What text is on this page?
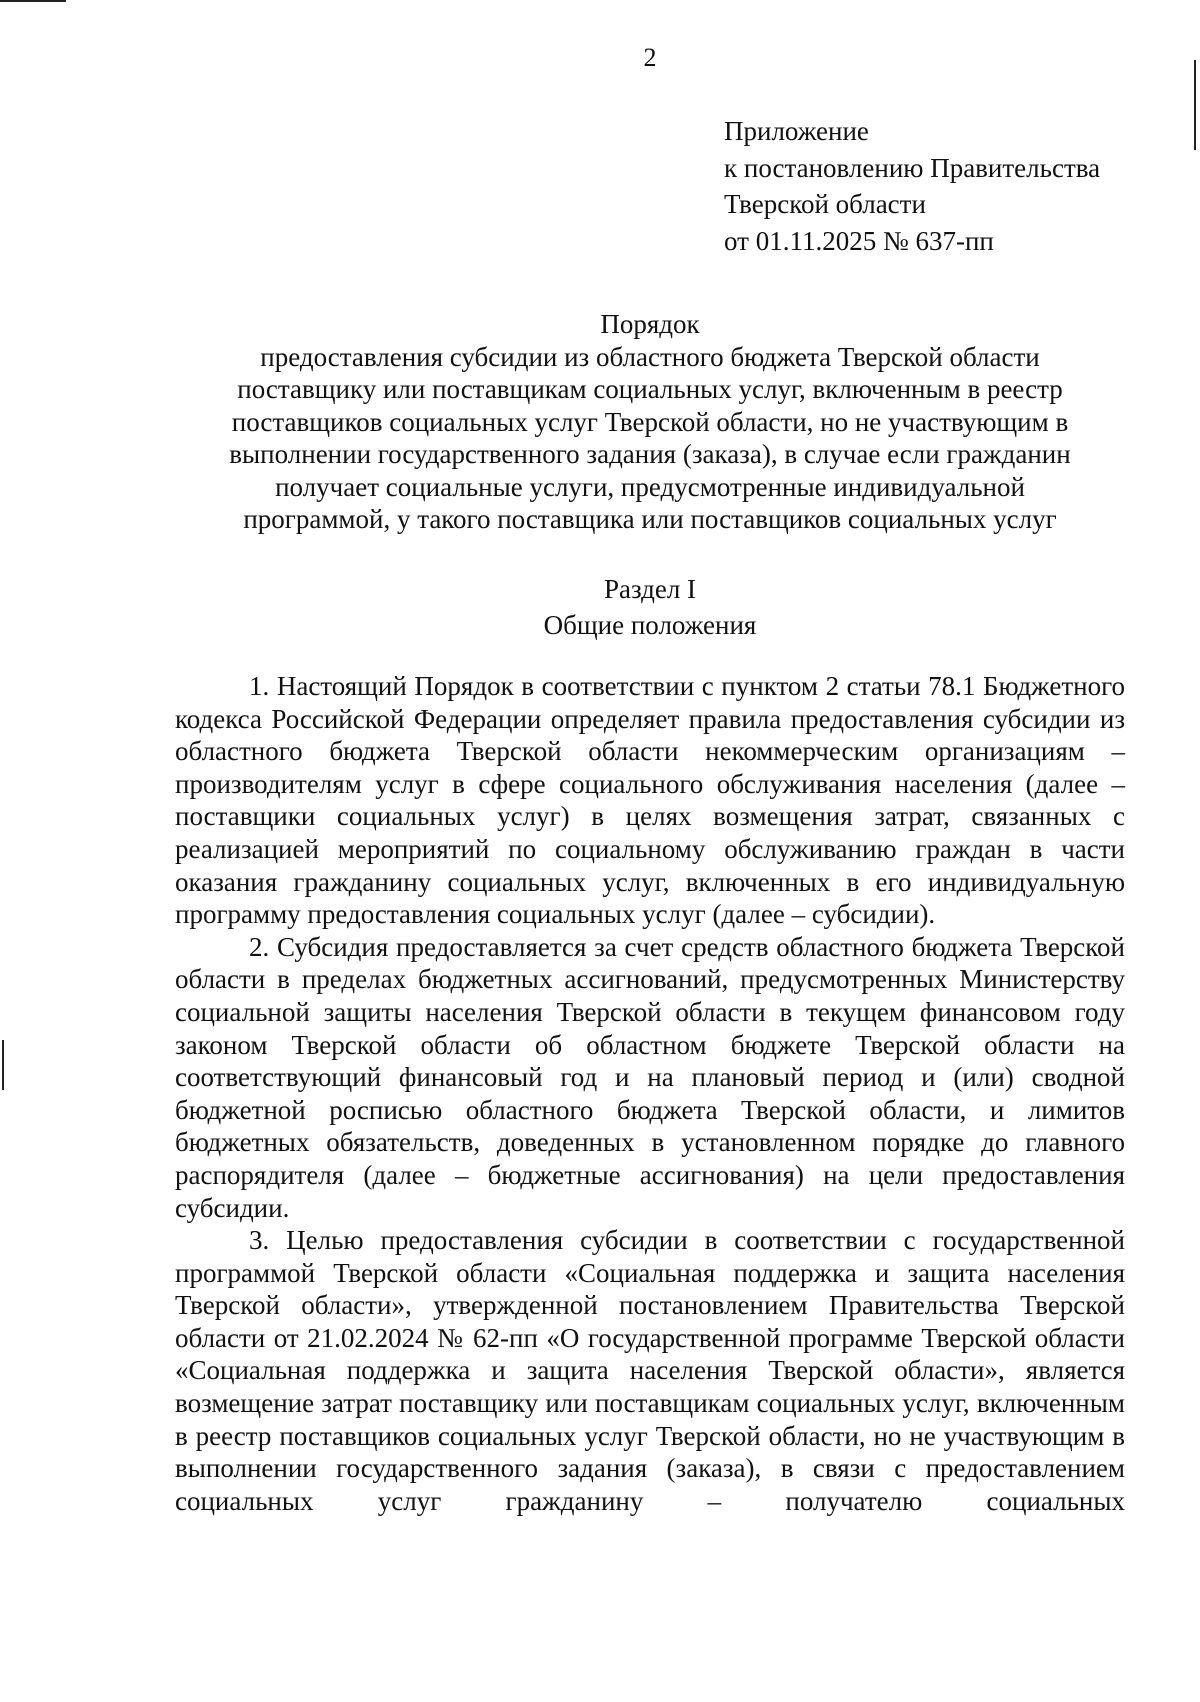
2
Приложение
к постановлению Правительства
Тверской области
от 01.11.2025 № 637-пп
Порядок
предоставления субсидии из областного бюджета Тверской области
поставщику или поставщикам социальных услуг, включенным в реестр
поставщиков социальных услуг Тверской области, но не участвующим в
выполнении государственного задания (заказа), в случае если гражданин
получает социальные услуги, предусмотренные индивидуальной
программой, у такого поставщика или поставщиков социальных услуг
Раздел I
Общие положения

1. Настоящий Порядок в соответствии с пунктом 2 статьи 78.1 Бюджетного кодекса Российской Федерации определяет правила предоставления субсидии из областного бюджета Тверской области некоммерческим организациям – производителям услуг в сфере социального обслуживания населения (далее – поставщики социальных услуг) в целях возмещения затрат, связанных с реализацией мероприятий по социальному обслуживанию граждан в части оказания гражданину социальных услуг, включенных в его индивидуальную программу предоставления социальных услуг (далее – субсидии).

2. Субсидия предоставляется за счет средств областного бюджета Тверской области в пределах бюджетных ассигнований, предусмотренных Министерству социальной защиты населения Тверской области в текущем финансовом году законом Тверской области об областном бюджете Тверской области на соответствующий финансовый год и на плановый период и (или) сводной бюджетной росписью областного бюджета Тверской области, и лимитов бюджетных обязательств, доведенных в установленном порядке до главного распорядителя (далее – бюджетные ассигнования) на цели предоставления субсидии.

3. Целью предоставления субсидии в соответствии с государственной программой Тверской области «Социальная поддержка и защита населения Тверской области», утвержденной постановлением Правительства Тверской области от 21.02.2024 № 62-пп «О государственной программе Тверской области «Социальная поддержка и защита населения Тверской области», является возмещение затрат поставщику или поставщикам социальных услуг, включенным в реестр поставщиков социальных услуг Тверской области, но не участвующим в выполнении государственного задания (заказа), в связи с предоставлением социальных услуг гражданину – получателю социальных
